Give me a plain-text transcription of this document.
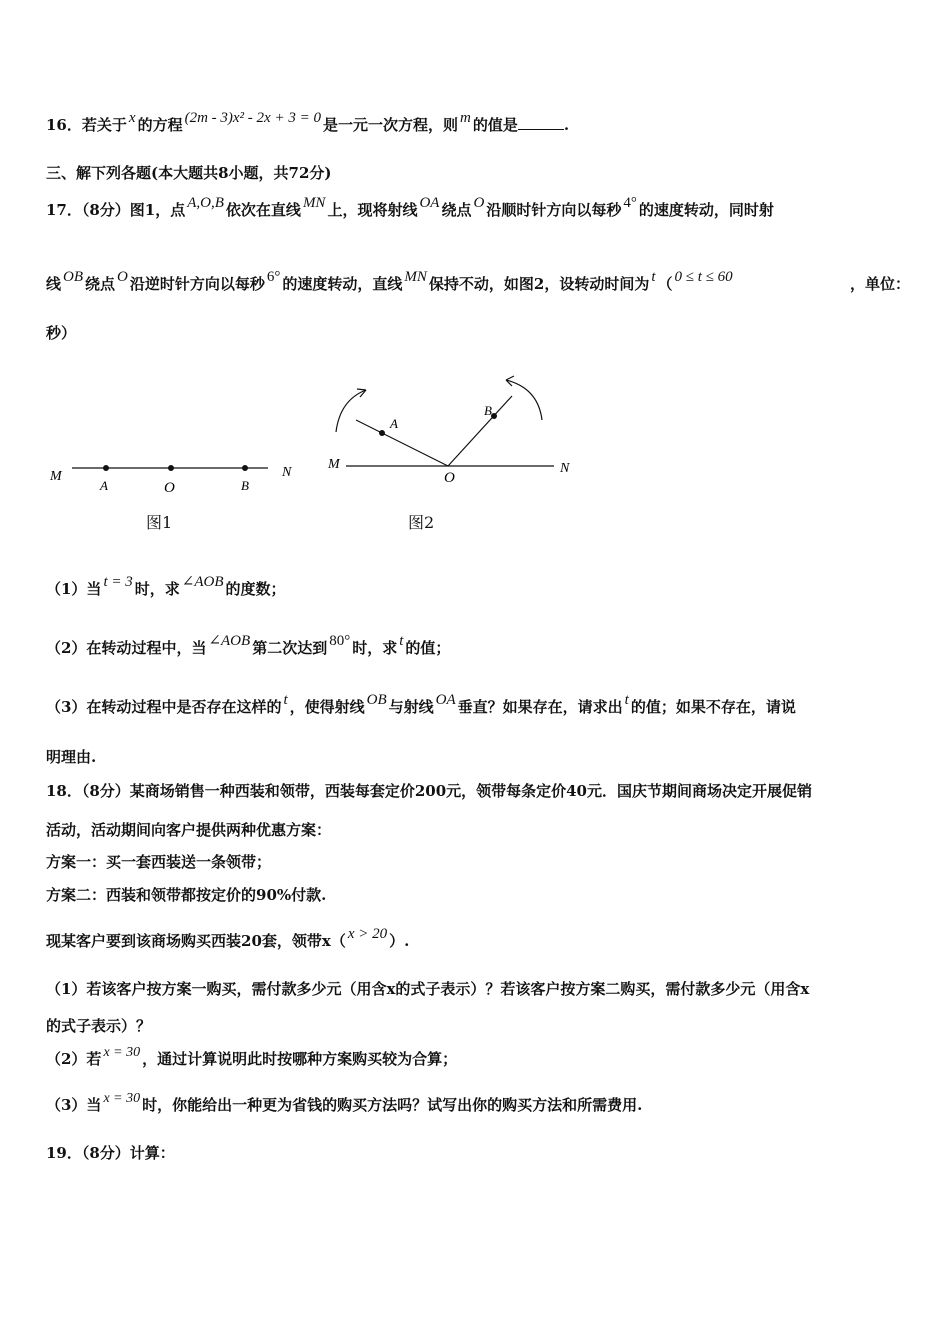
16．若关于 x 的方程 (2m - 3)x² - 2x + 3 = 0 是一元一次方程，则 m 的值是	.
三、解下列各题(本大题共8小题，共72分)
17．（8分）图1，点 A,O,B 依次在直线 MN 上，现将射线 OA 绕点 O 沿顺时针方向以每秒 4° 的速度转动，同时射
线 OB 绕点 O 沿逆时针方向以每秒 6° 的速度转动，直线 MN 保持不动，如图2，设转动时间为 t （ 0 ≤ t ≤ 60	，单位：
秒）
M
A	O	B
N
图1
M
A
B
O
N
图2
（1）当 t = 3 时，求 ∠AOB 的度数；
（2）在转动过程中，当 ∠AOB 第二次达到 80° 时，求 t 的值；
（3）在转动过程中是否存在这样的 t ，使得射线 OB 与射线 OA 垂直？如果存在，请求出 t 的值；如果不存在，请说
明理由.
18．（8分）某商场销售一种西装和领带，西装每套定价200元，领带每条定价40元．国庆节期间商场决定开展促销
活动，活动期间向客户提供两种优惠方案：
方案一：买一套西装送一条领带；
方案二：西装和领带都按定价的90%付款.
现某客户要到该商场购买西装20套，领带x（ x > 20 ）.
（1）若该客户按方案一购买，需付款多少元（用含x的式子表示）？若该客户按方案二购买，需付款多少元（用含x
的式子表示）？
（2）若 x = 30 ，通过计算说明此时按哪种方案购买较为合算；
（3）当 x = 30 时，你能给出一种更为省钱的购买方法吗？试写出你的购买方法和所需费用.
19．（8分）计算：
